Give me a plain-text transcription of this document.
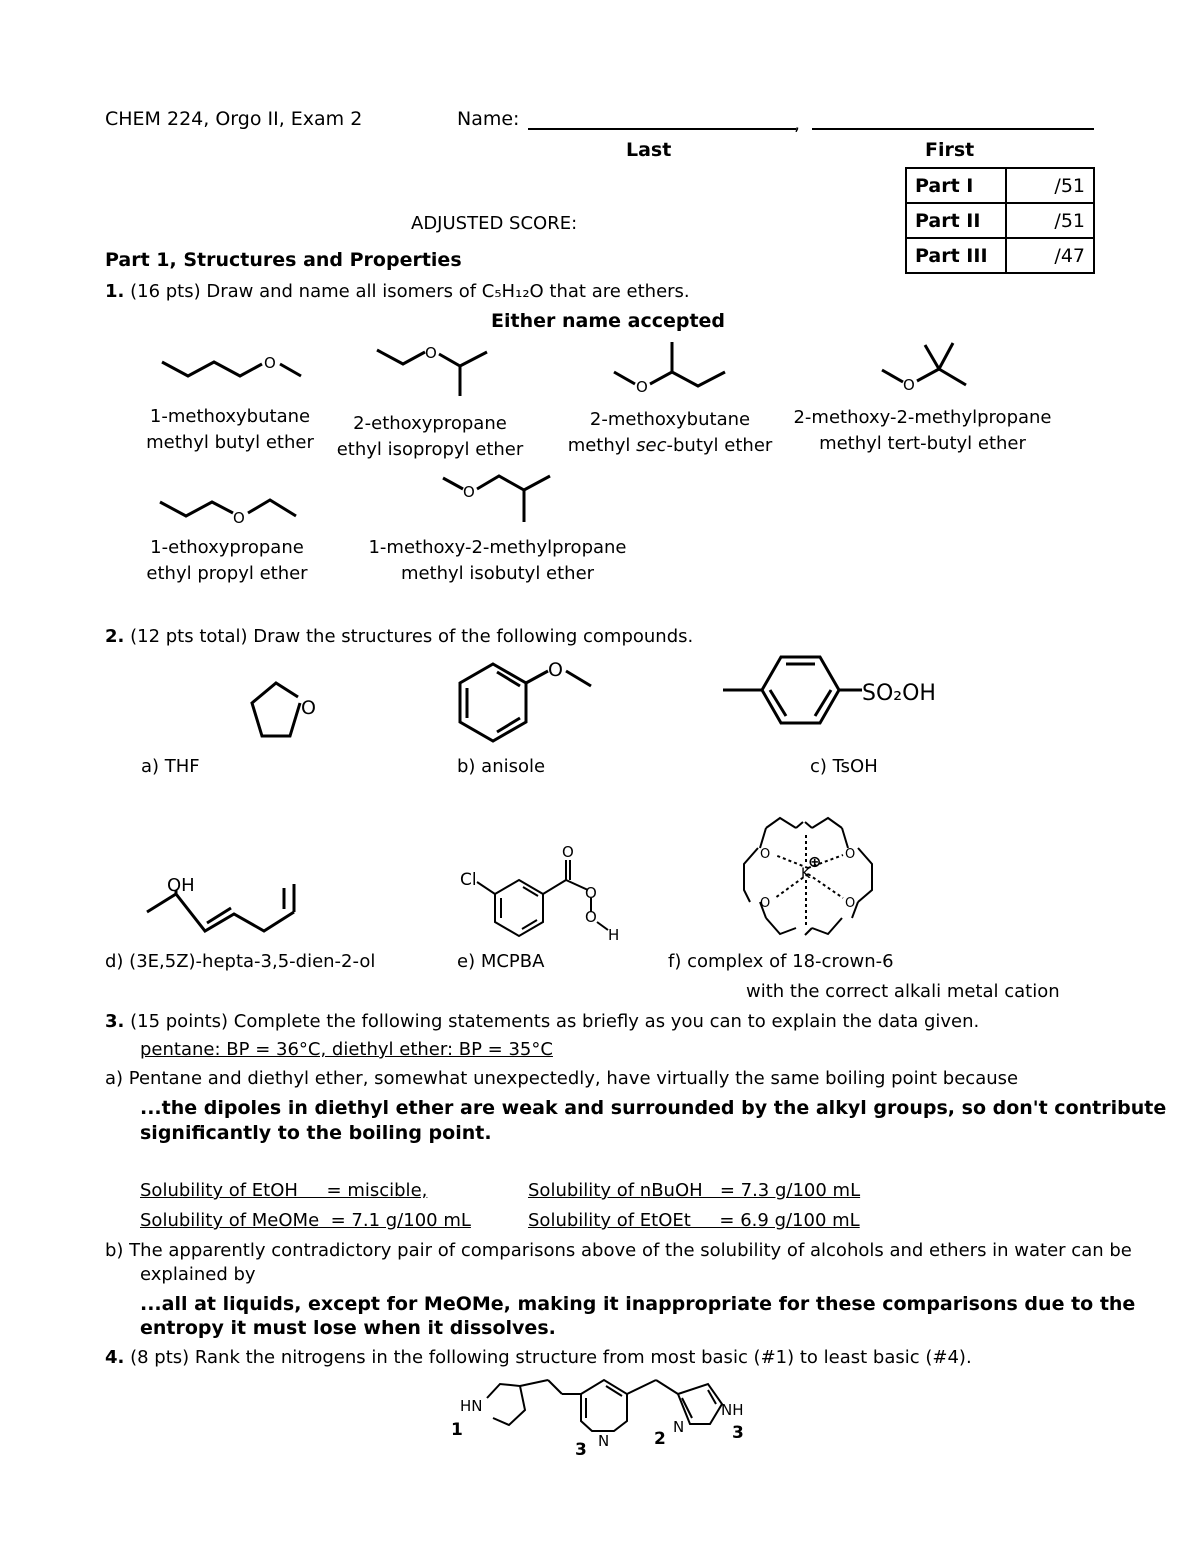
CHEM 224, Orgo II, Exam 2	Name:	,
Last	First
ADJUSTED SCORE:
Part I	/51
Part II	/51
Part III	/47
Part 1, Structures and Properties
1. (16 pts) Draw and name all isomers of C₅H₁₂O that are ethers.
Either name accepted
O
O
O	O
O
O
1-methoxybutane
methyl butyl ether
2-ethoxypropane
ethyl isopropyl ether
2-methoxybutane
methyl sec-butyl ether
2-methoxy-2-methylpropane
methyl tert-butyl ether
1-ethoxypropane
ethyl propyl ether
1-methoxy-2-methylpropane
methyl isobutyl ether
2. (12 pts total) Draw the structures of the following compounds.
O
O
SO₂OH
OH	Cl
O
O
O
H
O	O
O	O
K
⊕
a) THF	b) anisole	c) TsOH
d) (3E,5Z)-hepta-3,5-dien-2-ol	e) MCPBA	f) complex of 18-crown-6
with the correct alkali metal cation
3. (15 points) Complete the following statements as briefly as you can to explain the data given.
pentane: BP = 36°C, diethyl ether: BP = 35°C
a) Pentane and diethyl ether, somewhat unexpectedly, have virtually the same boiling point because
...the dipoles in diethyl ether are weak and surrounded by the alkyl groups, so don't contribute
significantly to the boiling point.
Solubility of EtOH     = miscible,	Solubility of nBuOH   = 7.3 g/100 mL
Solubility of MeOMe  = 7.1 g/100 mL	Solubility of EtOEt     = 6.9 g/100 mL
b) The apparently contradictory pair of comparisons above of the solubility of alcohols and ethers in water can be
explained by
...all at liquids, except for MeOMe, making it inappropriate for these comparisons due to the
entropy it must lose when it dissolves.
4. (8 pts) Rank the nitrogens in the following structure from most basic (#1) to least basic (#4).
HN
N
N
NH
1
3
2	3
